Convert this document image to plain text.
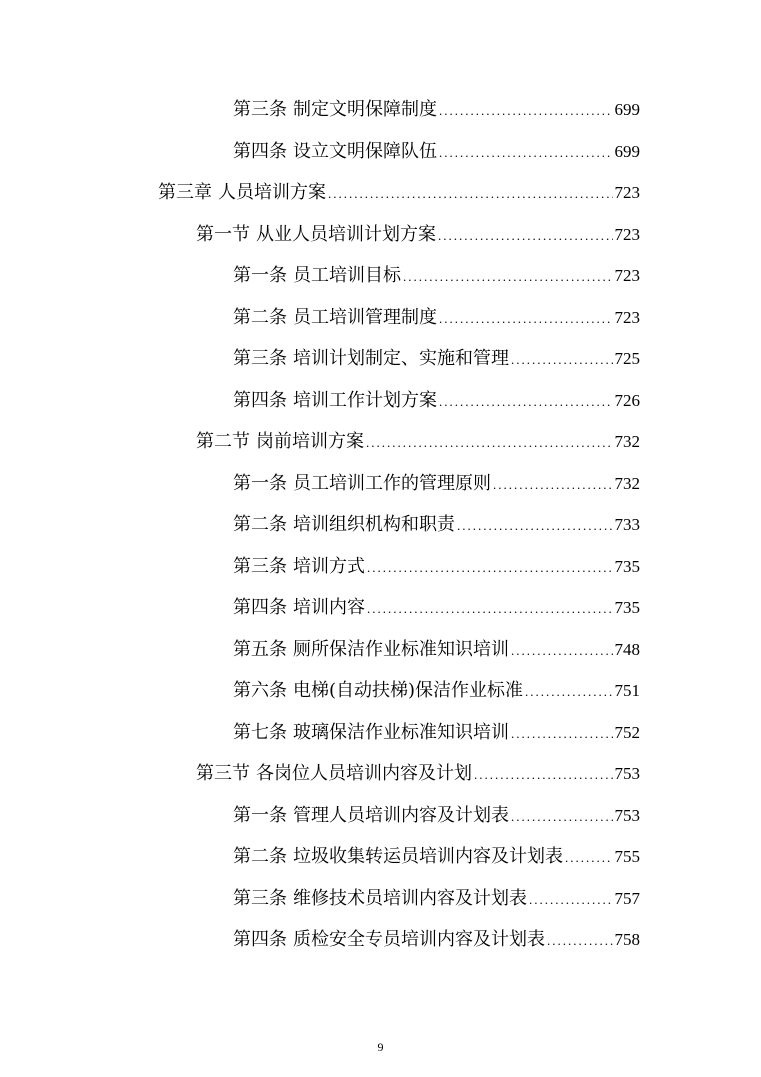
第三条 制定文明保障制度 .....	699
第四条 设立文明保障队伍 .....	699
第三章 人员培训方案 .....	723
第一节 从业人员培训计划方案 .....	723
第一条 员工培训目标 .....	723
第二条 员工培训管理制度 .....	723
第三条 培训计划制定、实施和管理 .....	725
第四条 培训工作计划方案 .....	726
第二节 岗前培训方案 .....	732
第一条 员工培训工作的管理原则 .....	732
第二条 培训组织机构和职责 .....	733
第三条 培训方式 .....	735
第四条 培训内容 .....	735
第五条 厕所保洁作业标准知识培训 .....	748
第六条 电梯(自动扶梯)保洁作业标准 .....	751
第七条 玻璃保洁作业标准知识培训 .....	752
第三节 各岗位人员培训内容及计划 .....	753
第一条 管理人员培训内容及计划表 .....	753
第二条 垃圾收集转运员培训内容及计划表 .....	755
第三条 维修技术员培训内容及计划表 .....	757
第四条 质检安全专员培训内容及计划表 .....	758
9
